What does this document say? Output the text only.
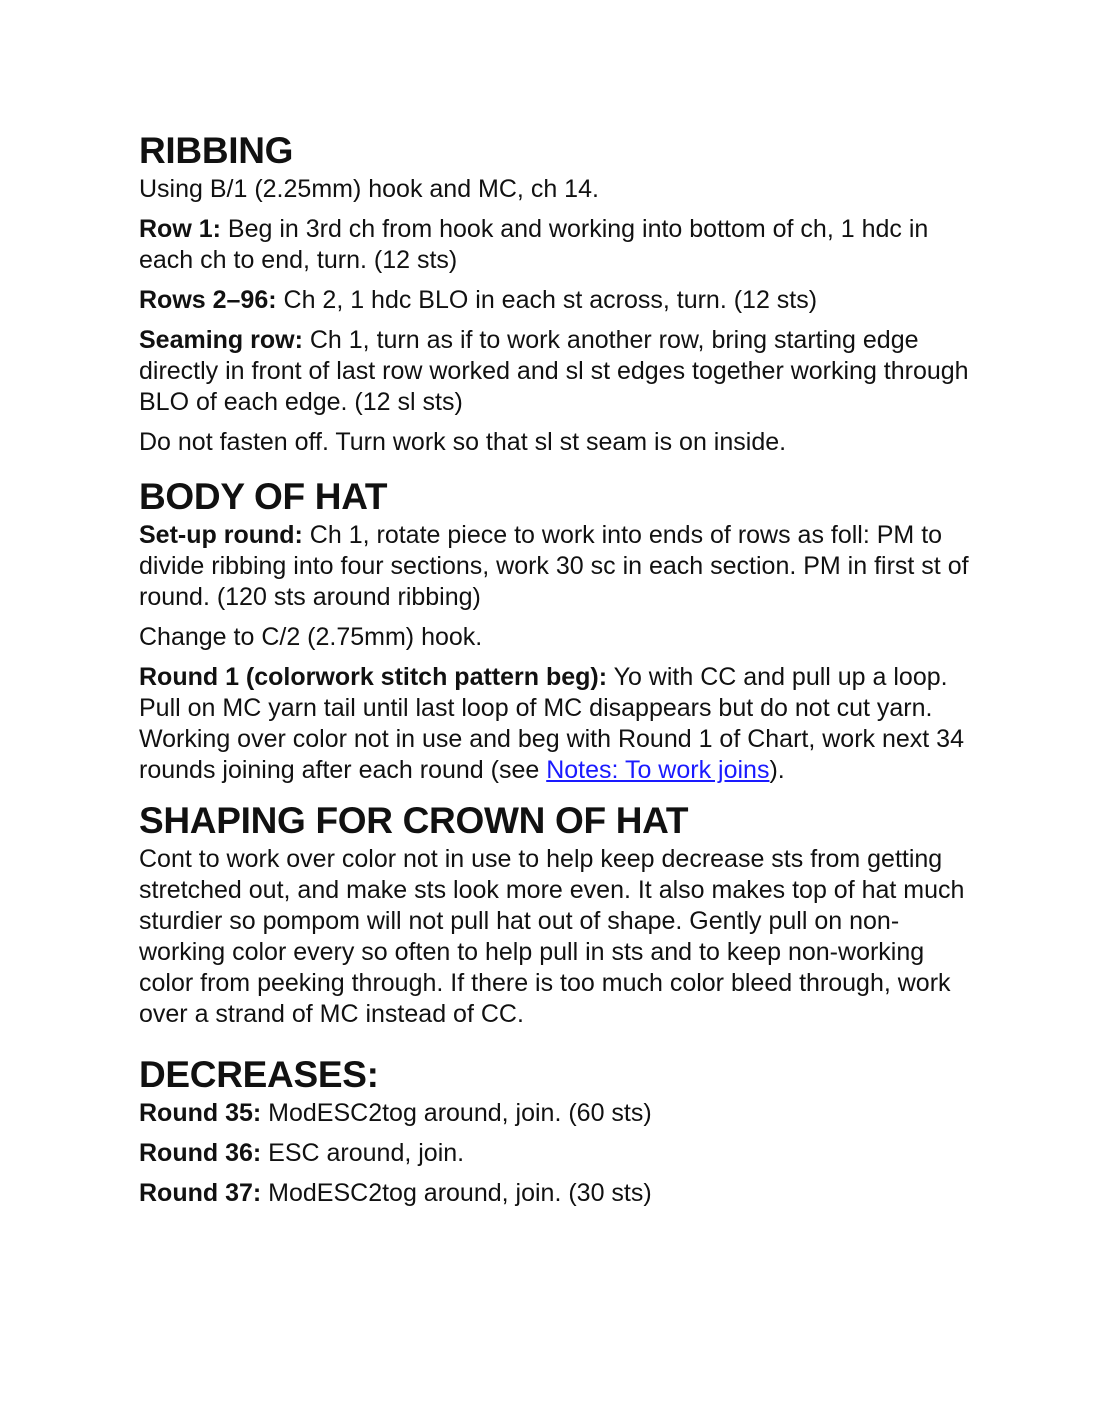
RIBBING

Using B/1 (2.25mm) hook and MC, ch 14.

Row 1: Beg in 3rd ch from hook and working into bottom of ch, 1 hdc in each ch to end, turn. (12 sts)

Rows 2–96: Ch 2, 1 hdc BLO in each st across, turn. (12 sts)

Seaming row: Ch 1, turn as if to work another row, bring starting edge directly in front of last row worked and sl st edges together working through BLO of each edge. (12 sl sts)

Do not fasten off. Turn work so that sl st seam is on inside.

BODY OF HAT

Set-up round: Ch 1, rotate piece to work into ends of rows as foll: PM to divide ribbing into four sections, work 30 sc in each section. PM in first st of round. (120 sts around ribbing)

Change to C/2 (2.75mm) hook.

Round 1 (colorwork stitch pattern beg): Yo with CC and pull up a loop. Pull on MC yarn tail until last loop of MC disappears but do not cut yarn. Working over color not in use and beg with Round 1 of Chart, work next 34 rounds joining after each round (see Notes: To work joins).

SHAPING FOR CROWN OF HAT

Cont to work over color not in use to help keep decrease sts from getting stretched out, and make sts look more even. It also makes top of hat much sturdier so pompom will not pull hat out of shape. Gently pull on non-working color every so often to help pull in sts and to keep non-working color from peeking through. If there is too much color bleed through, work over a strand of MC instead of CC.

DECREASES:

Round 35: ModESC2tog around, join. (60 sts)

Round 36: ESC around, join.

Round 37: ModESC2tog around, join. (30 sts)
